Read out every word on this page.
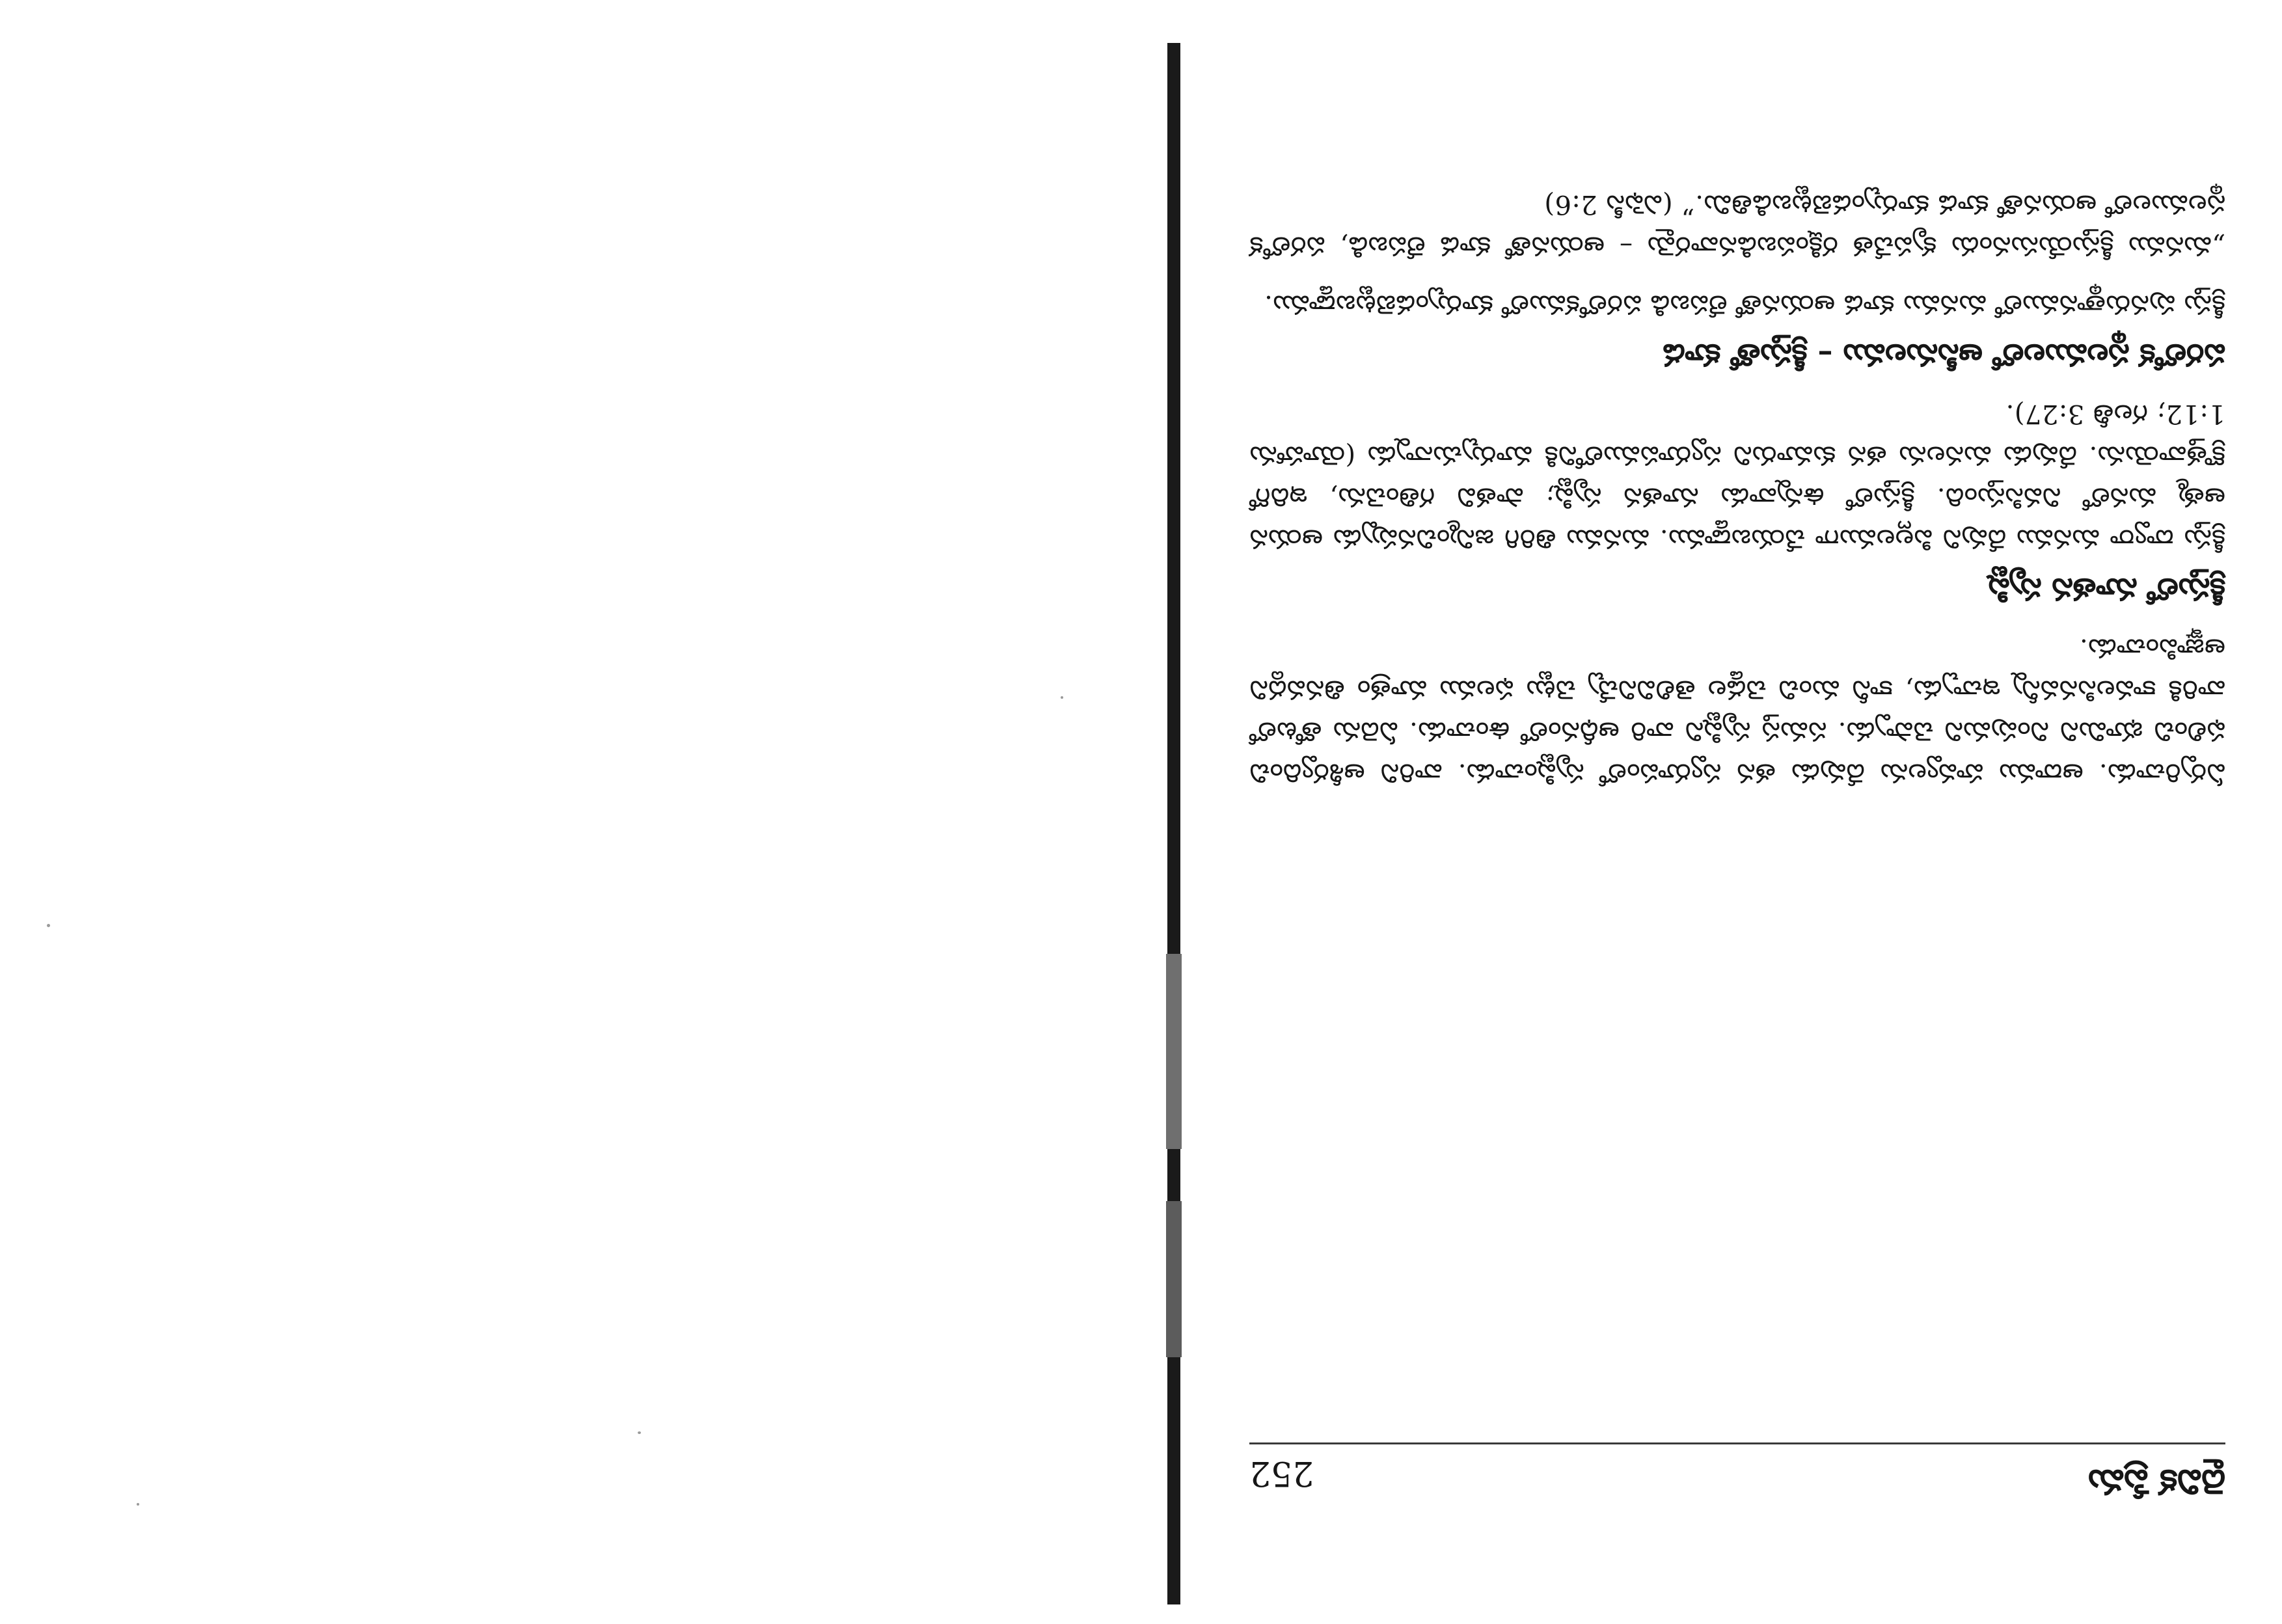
దైవిక ప్రేమ
252

ఏర్పరిచాడు. ఆదాము హవ్వలను దేవుడు తన స్వరూపంలో సృష్టించాడు. వారిని ఆశీర్వదించి ఫలించి భూమిని నింపుమని చెప్పాడు. సమస్త సృష్టిని వారి ఆధీనంలో ఉంచాడు. ఏదెను తోటలో వారికి కావలసినవన్నీ ఇచ్చాడు, కానీ మంచి చెడ్డల తెలివినిచ్చే చెట్టు ఫలము మాత్రం తినవద్దని ఆజ్ఞాపించాడు.

క్రీస్తులో నూతన సృష్టి

క్రీస్తు ద్వారా మనము దేవుని పిల్లలముగా చేయబడ్డాము. మనము తిరిగి జన్మించినప్పుడు ఆయన ఆత్మ మనలో నివసిస్తుంది. క్రీస్తులో ఉన్నవాడు నూతన సృష్టి; పాతవి గతించెను, ఇదిగో క్రొత్తవాయెను. దేవుడు మనలను తన కుమారుని స్వరూపములోనికి మార్చుచున్నాడు (యోహాను 1:12; గలతీ 3:27).

పరలోక స్థలములలో ఆసీనులము – క్రీస్తుతో కూడ

క్రీస్తు పునరుత్థానములో మనము కూడ ఆయనతో లేపబడి పరలోకములో కూర్చుండబెట్టబడ్డాము.

„మనము క్రీస్తుయేసునందు కృపచేత రక్షింపబడినవారమై – ఆయనతో కూడ లేపబడి, పరలోక స్థలములలో ఆయనతో కూడ కూర్చుండబెట్టబడితిమి.” (ఎఫెసీ 2:6)
